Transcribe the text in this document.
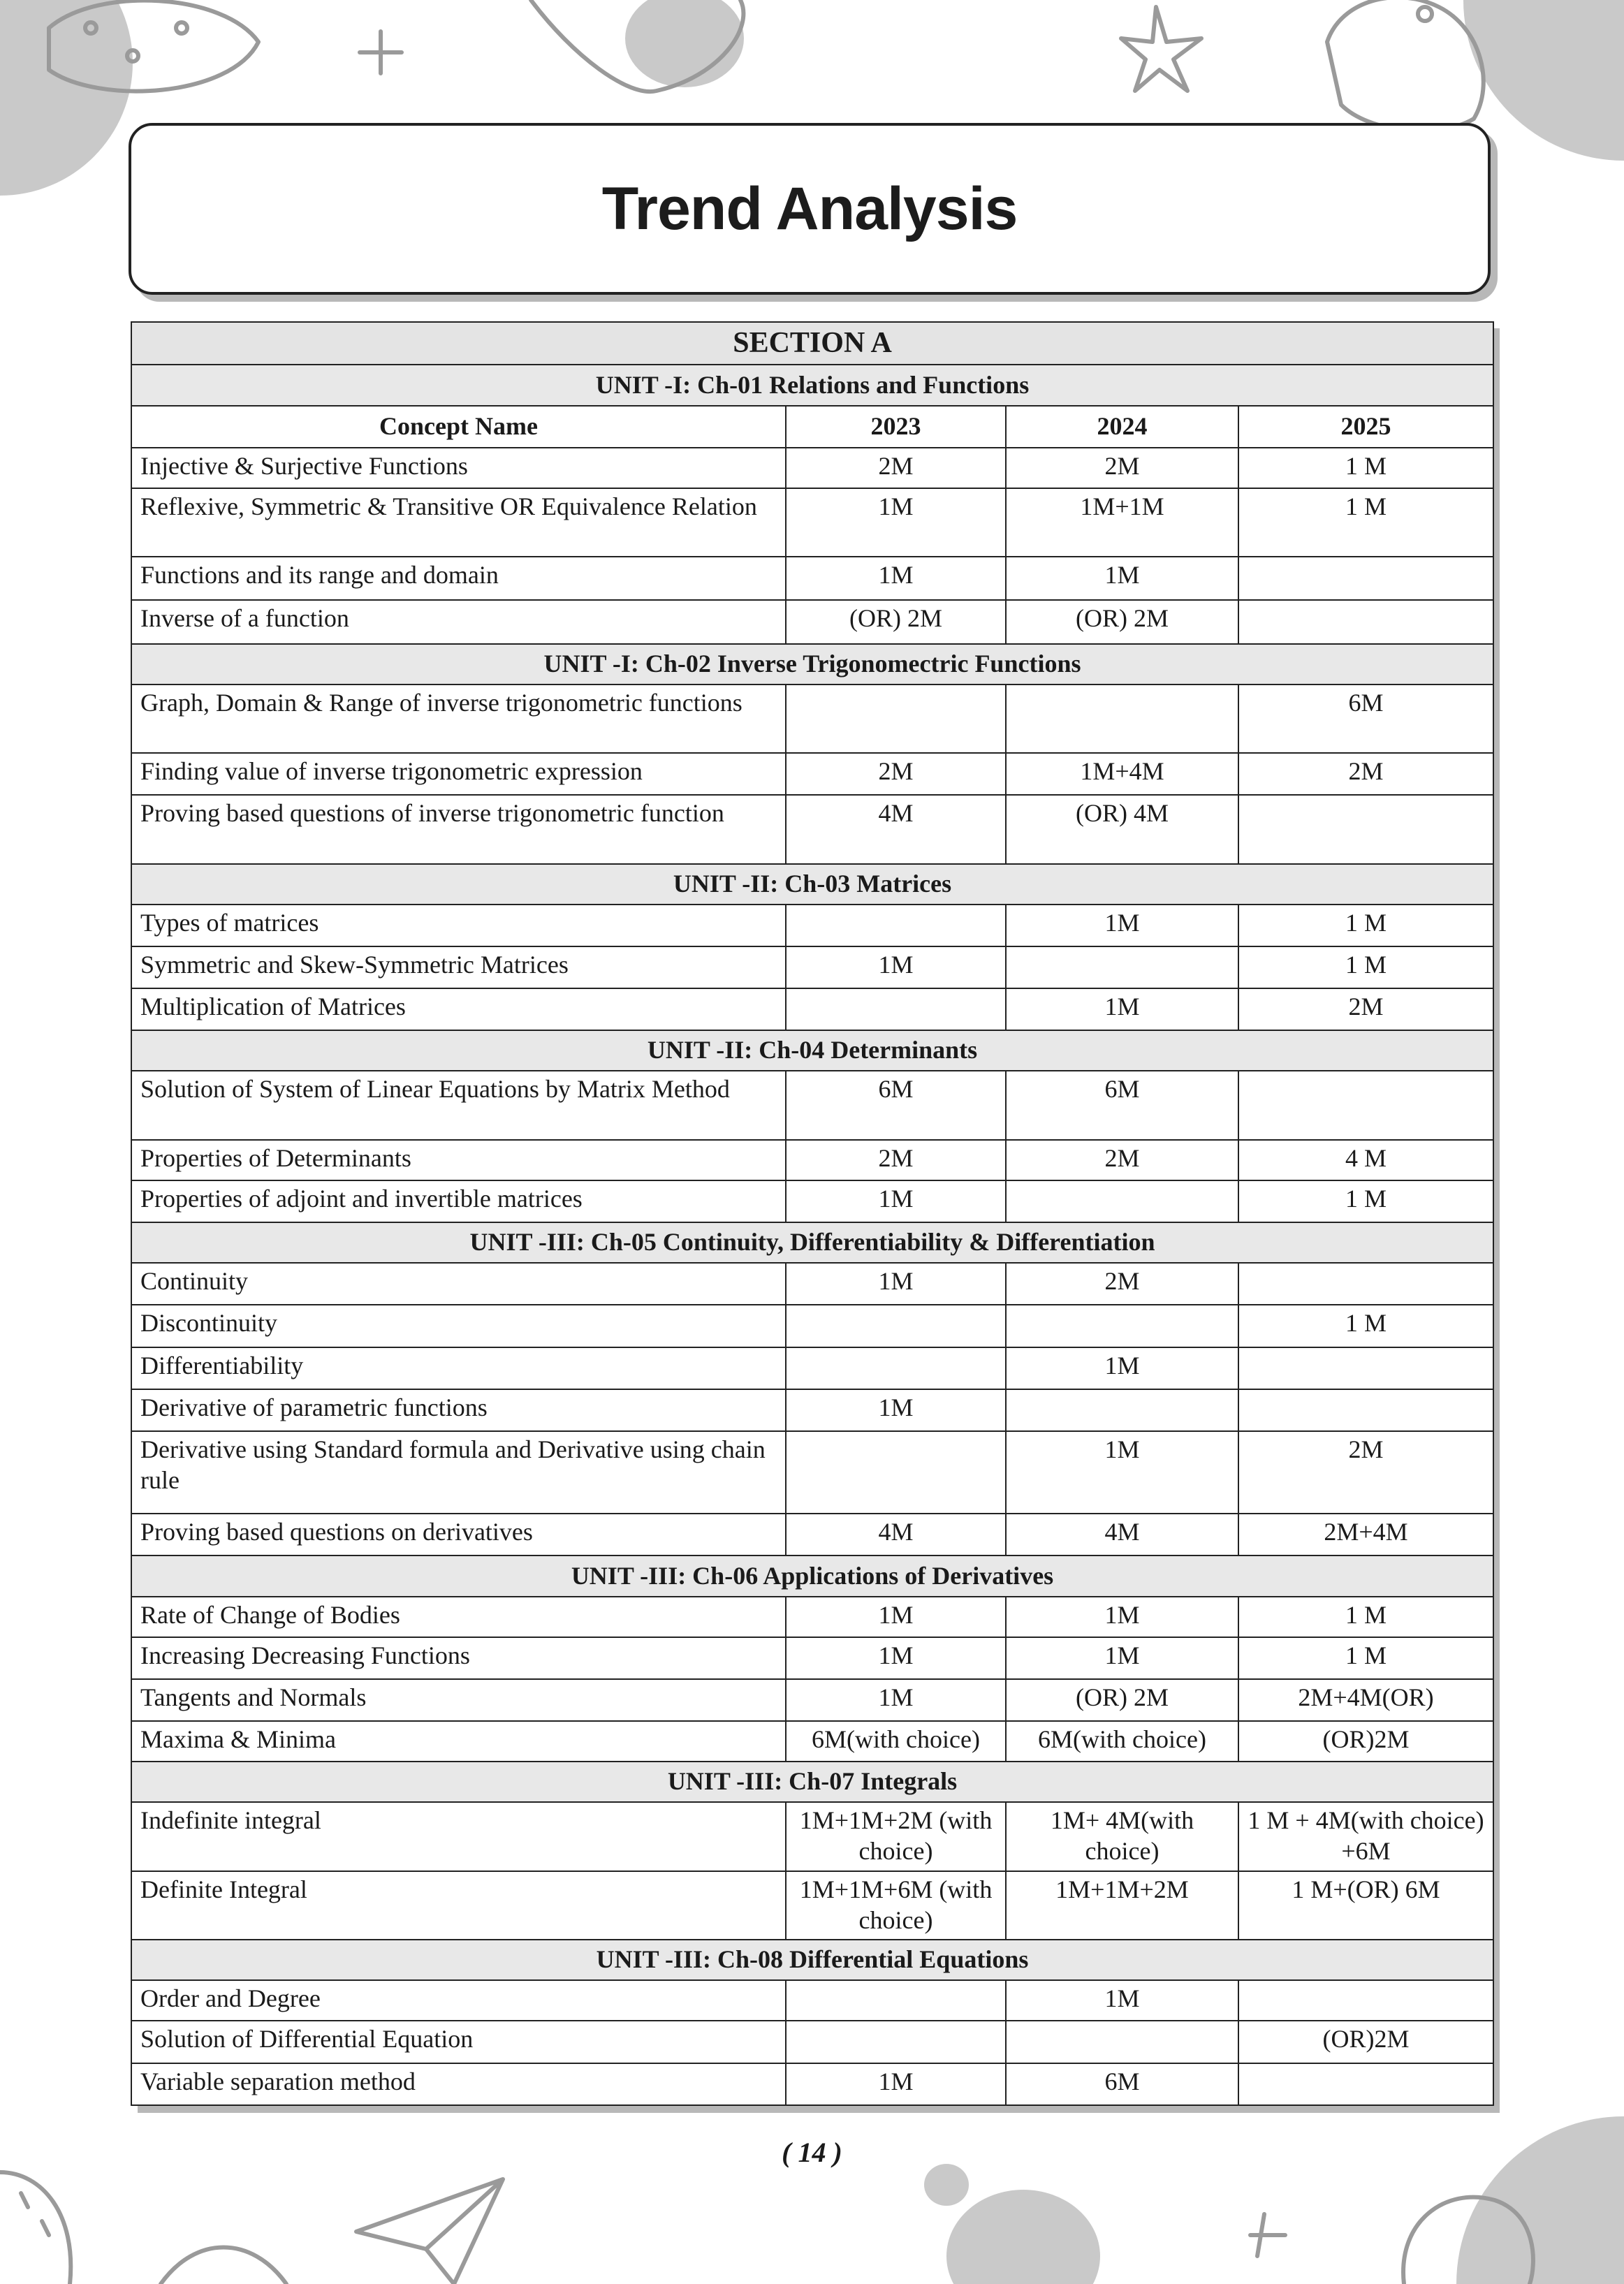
Trend Analysis
SECTION A			
UNIT -I: Ch-01 Relations and Functions			
Concept Name	2023	2024	2025
Injective & Surjective Functions	2M	2M	1 M
Reflexive, Symmetric & Transitive OR Equivalence Relation	1M	1M+1M	1 M
Functions and its range and domain	1M	1M	
Inverse of a function	(OR) 2M	(OR) 2M	
UNIT -I: Ch-02 Inverse Trigonomectric Functions			
Graph, Domain & Range of inverse trigonometric functions			6M
Finding value of inverse trigonometric expression	2M	1M+4M	2M
Proving based questions of inverse trigonometric function	4M	(OR) 4M	
UNIT -II: Ch-03 Matrices			
Types of matrices		1M	1 M
Symmetric and Skew-Symmetric Matrices	1M		1 M
Multiplication of Matrices		1M	2M
UNIT -II: Ch-04 Determinants			
Solution of System of Linear Equations by Matrix Method	6M	6M	
Properties of Determinants	2M	2M	4 M
Properties of adjoint and invertible matrices	1M		1 M
UNIT -III: Ch-05 Continuity, Differentiability & Differentiation			
Continuity	1M	2M	
Discontinuity			1 M
Differentiability		1M	
Derivative of parametric functions	1M		
Derivative using Standard formula and Derivative using chain rule		1M	2M
Proving based questions on derivatives	4M	4M	2M+4M
UNIT -III: Ch-06 Applications of Derivatives			
Rate of Change of Bodies	1M	1M	1 M
Increasing Decreasing Functions	1M	1M	1 M
Tangents and Normals	1M	(OR) 2M	2M+4M(OR)
Maxima & Minima	6M(with choice)	6M(with choice)	(OR)2M
UNIT -III: Ch-07 Integrals			
Indefinite integral	1M+1M+2M (with choice)	1M+ 4M(with choice)	1 M + 4M(with choice) +6M
Definite Integral	1M+1M+6M (with choice)	1M+1M+2M	1 M+(OR) 6M
UNIT -III: Ch-08 Differential Equations			
Order and Degree		1M	
Solution of Differential Equation			(OR)2M
Variable separation method	1M	6M	
( 14 )
